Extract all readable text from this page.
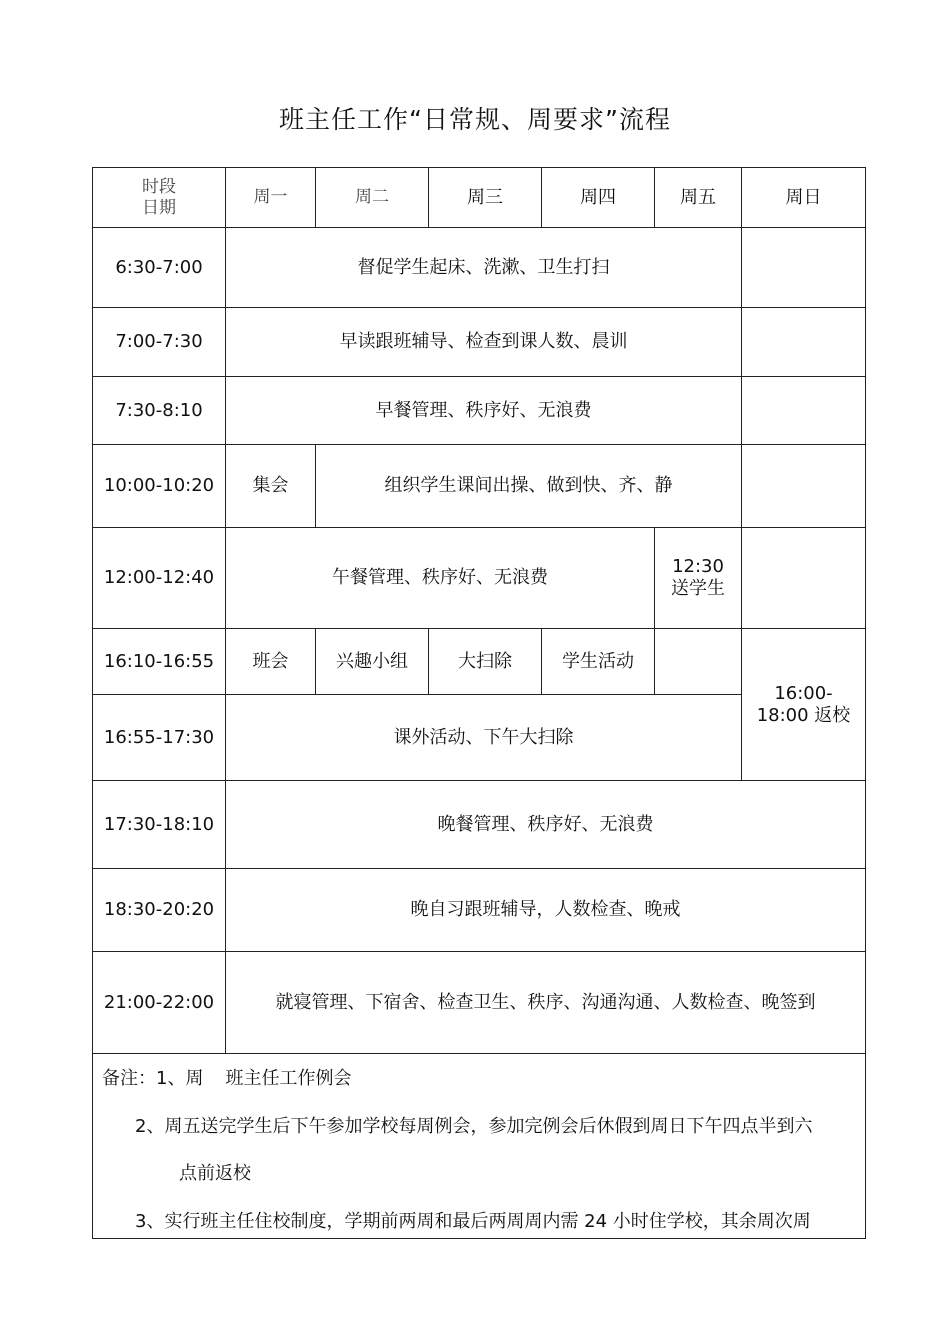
班主任工作“日常规、周要求”流程
时段
日期	周一	周二	周三	周四	周五	周日
6:30-7:00	督促学生起床、洗漱、卫生打扫					
7:00-7:30	早读跟班辅导、检查到课人数、晨训					
7:30-8:10	早餐管理、秩序好、无浪费					
10:00-10:20	集会	组织学生课间出操、做到快、齐、静				
12:00-12:40	午餐管理、秩序好、无浪费				12:30
送学生	

16:10-16:55	班会	兴趣小组	大扫除	学生活动		16:00-
18:00 返校

16:55-17:30	课外活动、下午大扫除					
17:30-18:10	晚餐管理、秩序好、无浪费					
18:30-20:20	晚自习跟班辅导，人数检查、晚戒					
21:00-22:00	就寝管理、下宿舍、检查卫生、秩序、沟通沟通、人数检查、晚签到					

备注：1、周 班主任工作例会
2、周五送完学生后下午参加学校每周例会，参加完例会后休假到周日下午四点半到六
点前返校
3、实行班主任住校制度，学期前两周和最后两周周内需 24 小时住学校，其余周次周						
